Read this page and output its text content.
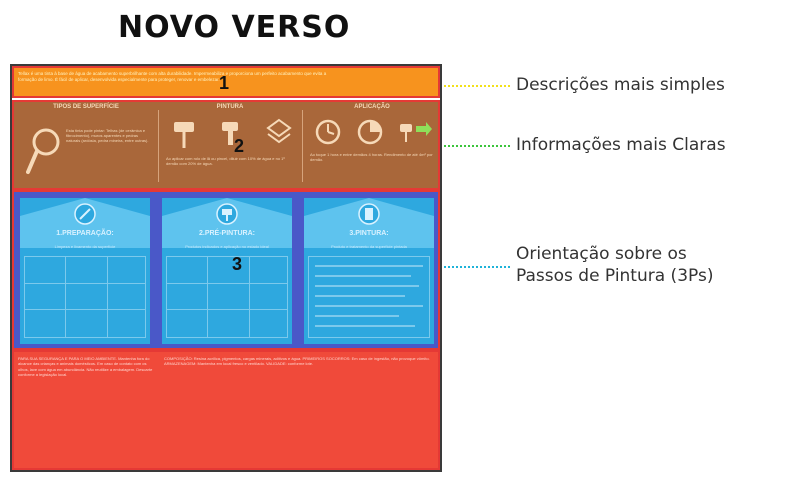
NOVO VERSO
Tellax é uma tinta à base de água de acabamento superbrilhante com alta durabilidade. Impermeabiliza e proporciona um perfeito acabamento que evita a formação de limo. É fácil de aplicar, desenvolvida especialmente para proteger, renovar e embelezar. 1
TIPOS DE SUPERFÍCIE
Esta tinta pode pintar: Telhas (de cerâmica e fibrocimento), muros aparentes e pedras naturais (ardósia, pedra mineira, entre outras).
PINTURA
Ao aplicar com rolo de lã ou pincel, diluir com 10% de água e no 1º demão com 20% de água.
APLICAÇÃO
Ao toque 1 hora e entre demãos 4 horas. Rendimento de até 4m² por demão.
2
1.PREPARAÇÃO:
Limpeza e lixamento da superfície
2.PRÉ-PINTURA:
Produtos indicados e aplicação no estado ideal
3.PINTURA:
Produto e tratamento da superfície pintada
3
PARA SUA SEGURANÇA E PARA O MEIO AMBIENTE. Mantenha fora do alcance das crianças e animais domésticos. Em caso de contato com os olhos, lave com água em abundância. Não reutilize a embalagem. Descarte conforme a legislação local.
COMPOSIÇÃO: Resina acrílica, pigmentos, cargas minerais, aditivos e água. PRIMEIROS SOCORROS: Em caso de ingestão, não provoque vômito. ARMAZENAGEM: Mantenha em local fresco e ventilado. VALIDADE: conforme lote.
Descrições mais simples
Informações mais Claras
Orientação sobre os
Passos de Pintura (3Ps)
